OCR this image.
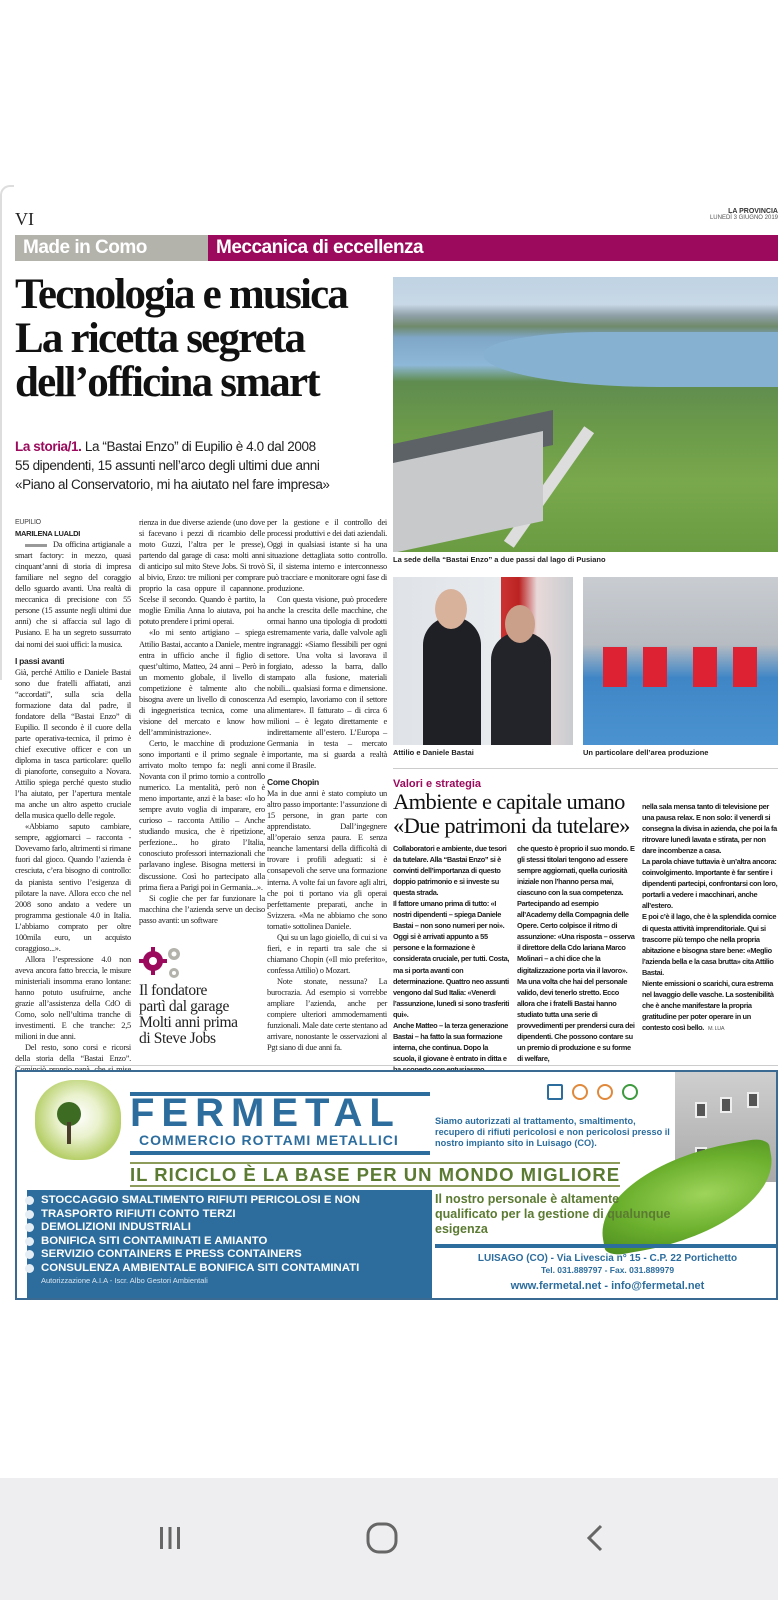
VI	LA PROVINCIA
LUNEDÌ 3 GIUGNO 2019
Made in Como	Meccanica di eccellenza
Tecnologia e musica
La ricetta segreta
dell’officina smart
La storia/1. La “Bastai Enzo” di Eupilio è 4.0 dal 2008
55 dipendenti, 15 assunti nell’arco degli ultimi due anni
«Piano al Conservatorio, mi ha aiutato nel fare impresa»
La sede della “Bastai Enzo” a due passi dal lago di Pusiano
Attilio e Daniele Bastai	Un particolare dell’area produzione
EUPILIO
MARILENA LUALDI

Da officina artigianale a smart factory: in mezzo, quasi cinquant’anni di storia di impresa familiare nel segno del coraggio dello sguardo avanti. Una realtà di meccanica di precisione con 55 persone (15 assunte negli ultimi due anni) che si affaccia sul lago di Pusiano. E ha un segreto sussurrato dai nomi dei suoi uffici: la musica.

I passi avanti

Già, perché Attilio e Daniele Bastai sono due fratelli affiatati, anzi “accordati”, sulla scia della formazione data dal padre, il fondatore della “Bastai Enzo” di Eupilio. Il secondo è il cuore della parte operativa-tecnica, il primo è chief executive officer e con un diploma in tasca particolare: quello di pianoforte, conseguito a Novara. Attilio spiega perché questo studio l’ha aiutato, per l’apertura mentale ma anche un altro aspetto cruciale della musica quello delle regole.

«Abbiamo saputo cambiare, sempre, aggiornarci – racconta - Dovevamo farlo, altrimenti si rimane fuori dal gioco. Quando l’azienda è cresciuta, c’era bisogno di controllo: da pianista sentivo l’esigenza di pilotare la nave. Allora ecco che nel 2008 sono andato a vedere un programma gestionale 4.0 in Italia. L’abbiamo comprato per oltre 100mila euro, un acquisto coraggioso...».

Allora l’espressione 4.0 non aveva ancora fatto breccia, le misure ministeriali insomma erano lontane: hanno potuto usufruirne, anche grazie all’assistenza della CdO di Como, solo nell’ultima tranche di investimenti. E che tranche: 2,5 milioni in due anni.

Del resto, sono corsi e ricorsi della storia della “Bastai Enzo”.

rienza in due diverse aziende (uno dove si facevano i pezzi di ricambio delle moto Guzzi, l’altra per le presse), partendo dal garage di casa: molti anni di anticipo sul mito Steve Jobs. Si trovò al bivio, Enzo: tre milioni per comprare proprio la casa oppure il capannone. Scelse il secondo. Quando è partito, la moglie Emilia Anna lo aiutava, poi ha potuto prendere i primi operai.

«Io mi sento artigiano – spiega Attilio Bastai, accanto a Daniele, mentre entra in ufficio anche il figlio di quest’ultimo, Matteo, 24 anni – Però in un momento globale, il livello di competizione è talmente alto che bisogna avere un livello di conoscenza di ingegneristica tecnica, come una visione del mercato e know how dell’amministrazione».

Certo, le macchine di produzione sono importanti e il primo segnale è arrivato molto tempo fa: negli anni Novanta con il primo tornio a controllo numerico. La mentalità, però non è meno importante, anzi è la base: «Io ho sempre avuto voglia di imparare, ero curioso – racconta Attilio – Anche studiando musica, che è ripetizione, perfezione... ho girato l’Italia, conosciuto professori internazionali che parlavano inglese. Bisogna mettersi in discussione. Così ho partecipato alla prima fiera a Parigi poi in Germania...».

Si coglie che per far funzionare la macchina che l’azienda serve un deciso passo avanti: un software

Il fondatore
partì dal garage
Molti anni prima
di Steve Jobs

per la gestione e il controllo dei processi produttivi e dei dati aziendali. Oggi in qualsiasi istante si ha una situazione dettagliata sotto controllo. Sì, il sistema interno e interconnesso può tracciare e monitorare ogni fase di produzione.

Con questa visione, può procedere anche la crescita delle macchine, che ormai hanno una tipologia di prodotti estremamente varia, dalle valvole agli ingranaggi: «Siamo flessibili per ogni settore. Una volta si lavorava il forgiato, adesso la barra, dallo stampato alla fusione, materiali nobili... qualsiasi forma e dimensione. Ad esempio, lavoriamo con il settore alimentare». Il fatturato – di circa 6 milioni – è legato direttamente e indirettamente all’estero. L’Europa – Germania in testa – mercato importante, ma si guarda a realtà come il Brasile.

Come Chopin

Ma in due anni è stato compiuto un altro passo importante: l’assunzione di 15 persone, in gran parte con apprendistato. Dall’ingegnere all’operaio senza paura. E senza neanche lamentarsi della difficoltà di trovare i profili adeguati: si è consapevoli che serve una formazione interna. A volte fai un favore agli altri, che poi ti portano via gli operai perfettamente preparati, anche in Svizzera. «Ma ne abbiamo che sono tornati» sottolinea Daniele.

Qui su un lago gioiello, di cui si va fieri, e in reparti tra sale che si chiamano Chopin («Il mio preferito», confessa Attilio) o Mozart.

Note stonate, nessuna? La burocrazia. Ad esempio si vorrebbe ampliare l’azienda, anche per compiere ulteriori ammodernamenti funzionali. Male date certe stentano ad arrivare, nonostante le osservazioni al Pgt siano di due anni fa.

Valori e strategia
Ambiente e capitale umano
«Due patrimoni da tutelare»

Collaboratori e ambiente, due tesori da tutelare. Alla “Bastai Enzo” si è convinti dell’importanza di questo doppio patrimonio e si investe su questa strada.

Il fattore umano prima di tutto: «I nostri dipendenti – spiega Daniele Bastai – non sono numeri per noi». Oggi si è arrivati appunto a 55 persone e la formazione è considerata cruciale, per tutti. Costa, ma si porta avanti con determinazione. Quattro neo assunti vengono dal Sud Italia: «Venerdì l’assunzione, lunedì si sono trasferiti qui».

Anche Matteo – la terza generazione Bastai – ha fatto la sua formazione interna, che continua. Dopo la scuola, il giovane è entrato in ditta e

che questo è proprio il suo mondo. E gli stessi titolari tengono ad essere sempre aggiornati, quella curiosità iniziale non l’hanno persa mai, ciascuno con la sua competenza. Partecipando ad esempio all’Academy della Compagnia delle Opere. Certo colpisce il ritmo di assunzione: «Una risposta – osserva il direttore della Cdo lariana Marco Molinari – a chi dice che la digitalizzazione porta via il lavoro». Ma una volta che hai del personale valido, devi tenerlo stretto. Ecco allora che i fratelli Bastai hanno studiato tutta una serie di provvedimenti per prendersi cura dei dipendenti. Che possono contare su un premio di produzione e su forme di welfare,

nella sala mensa tanto di televisione per una pausa relax. E non solo: il venerdì si consegna la divisa in azienda, che poi la fa ritrovare lunedì lavata e stirata, per non dare incombenze a casa.

La parola chiave tuttavia è un’altra ancora: coinvolgimento. Importante è far sentire i dipendenti partecipi, confrontarsi con loro, portarli a vedere i macchinari, anche all’estero.

E poi c’è il lago, che è la splendida cornice di questa attività imprenditoriale. Qui si trascorre più tempo che nella propria abitazione e bisogna stare bene: «Meglio l’azienda bella e la casa brutta» cita Attilio Bastai.

Niente emissioni o scarichi, cura estrema nel lavaggio delle vasche. La sostenibilità che è anche manifestare la propria gratitudine per poter operare in un contesto così bello. M. LUA

FERMETAL
COMMERCIO ROTTAMI METALLICI
Siamo autorizzati al trattamento, smaltimento, recupero di rifiuti pericolosi e non pericolosi presso il nostro impianto sito in Luisago (CO).
IL RICICLO È LA BASE PER UN MONDO MIGLIORE
STOCCAGGIO SMALTIMENTO RIFIUTI PERICOLOSI E NON
TRASPORTO RIFIUTI CONTO TERZI
DEMOLIZIONI INDUSTRIALI
BONIFICA SITI CONTAMINATI E AMIANTO
SERVIZIO CONTAINERS E PRESS CONTAINERS
CONSULENZA AMBIENTALE BONIFICA SITI CONTAMINATI
Autorizzazione A.I.A - Iscr. Albo Gestori Ambientali
Il nostro personale è altamente qualificato per la gestione di qualunque esigenza
LUISAGO (CO) - Via Livescia n° 15 - C.P. 22 Portichetto
Tel. 031.889797 - Fax. 031.889979
www.fermetal.net - info@fermetal.net
